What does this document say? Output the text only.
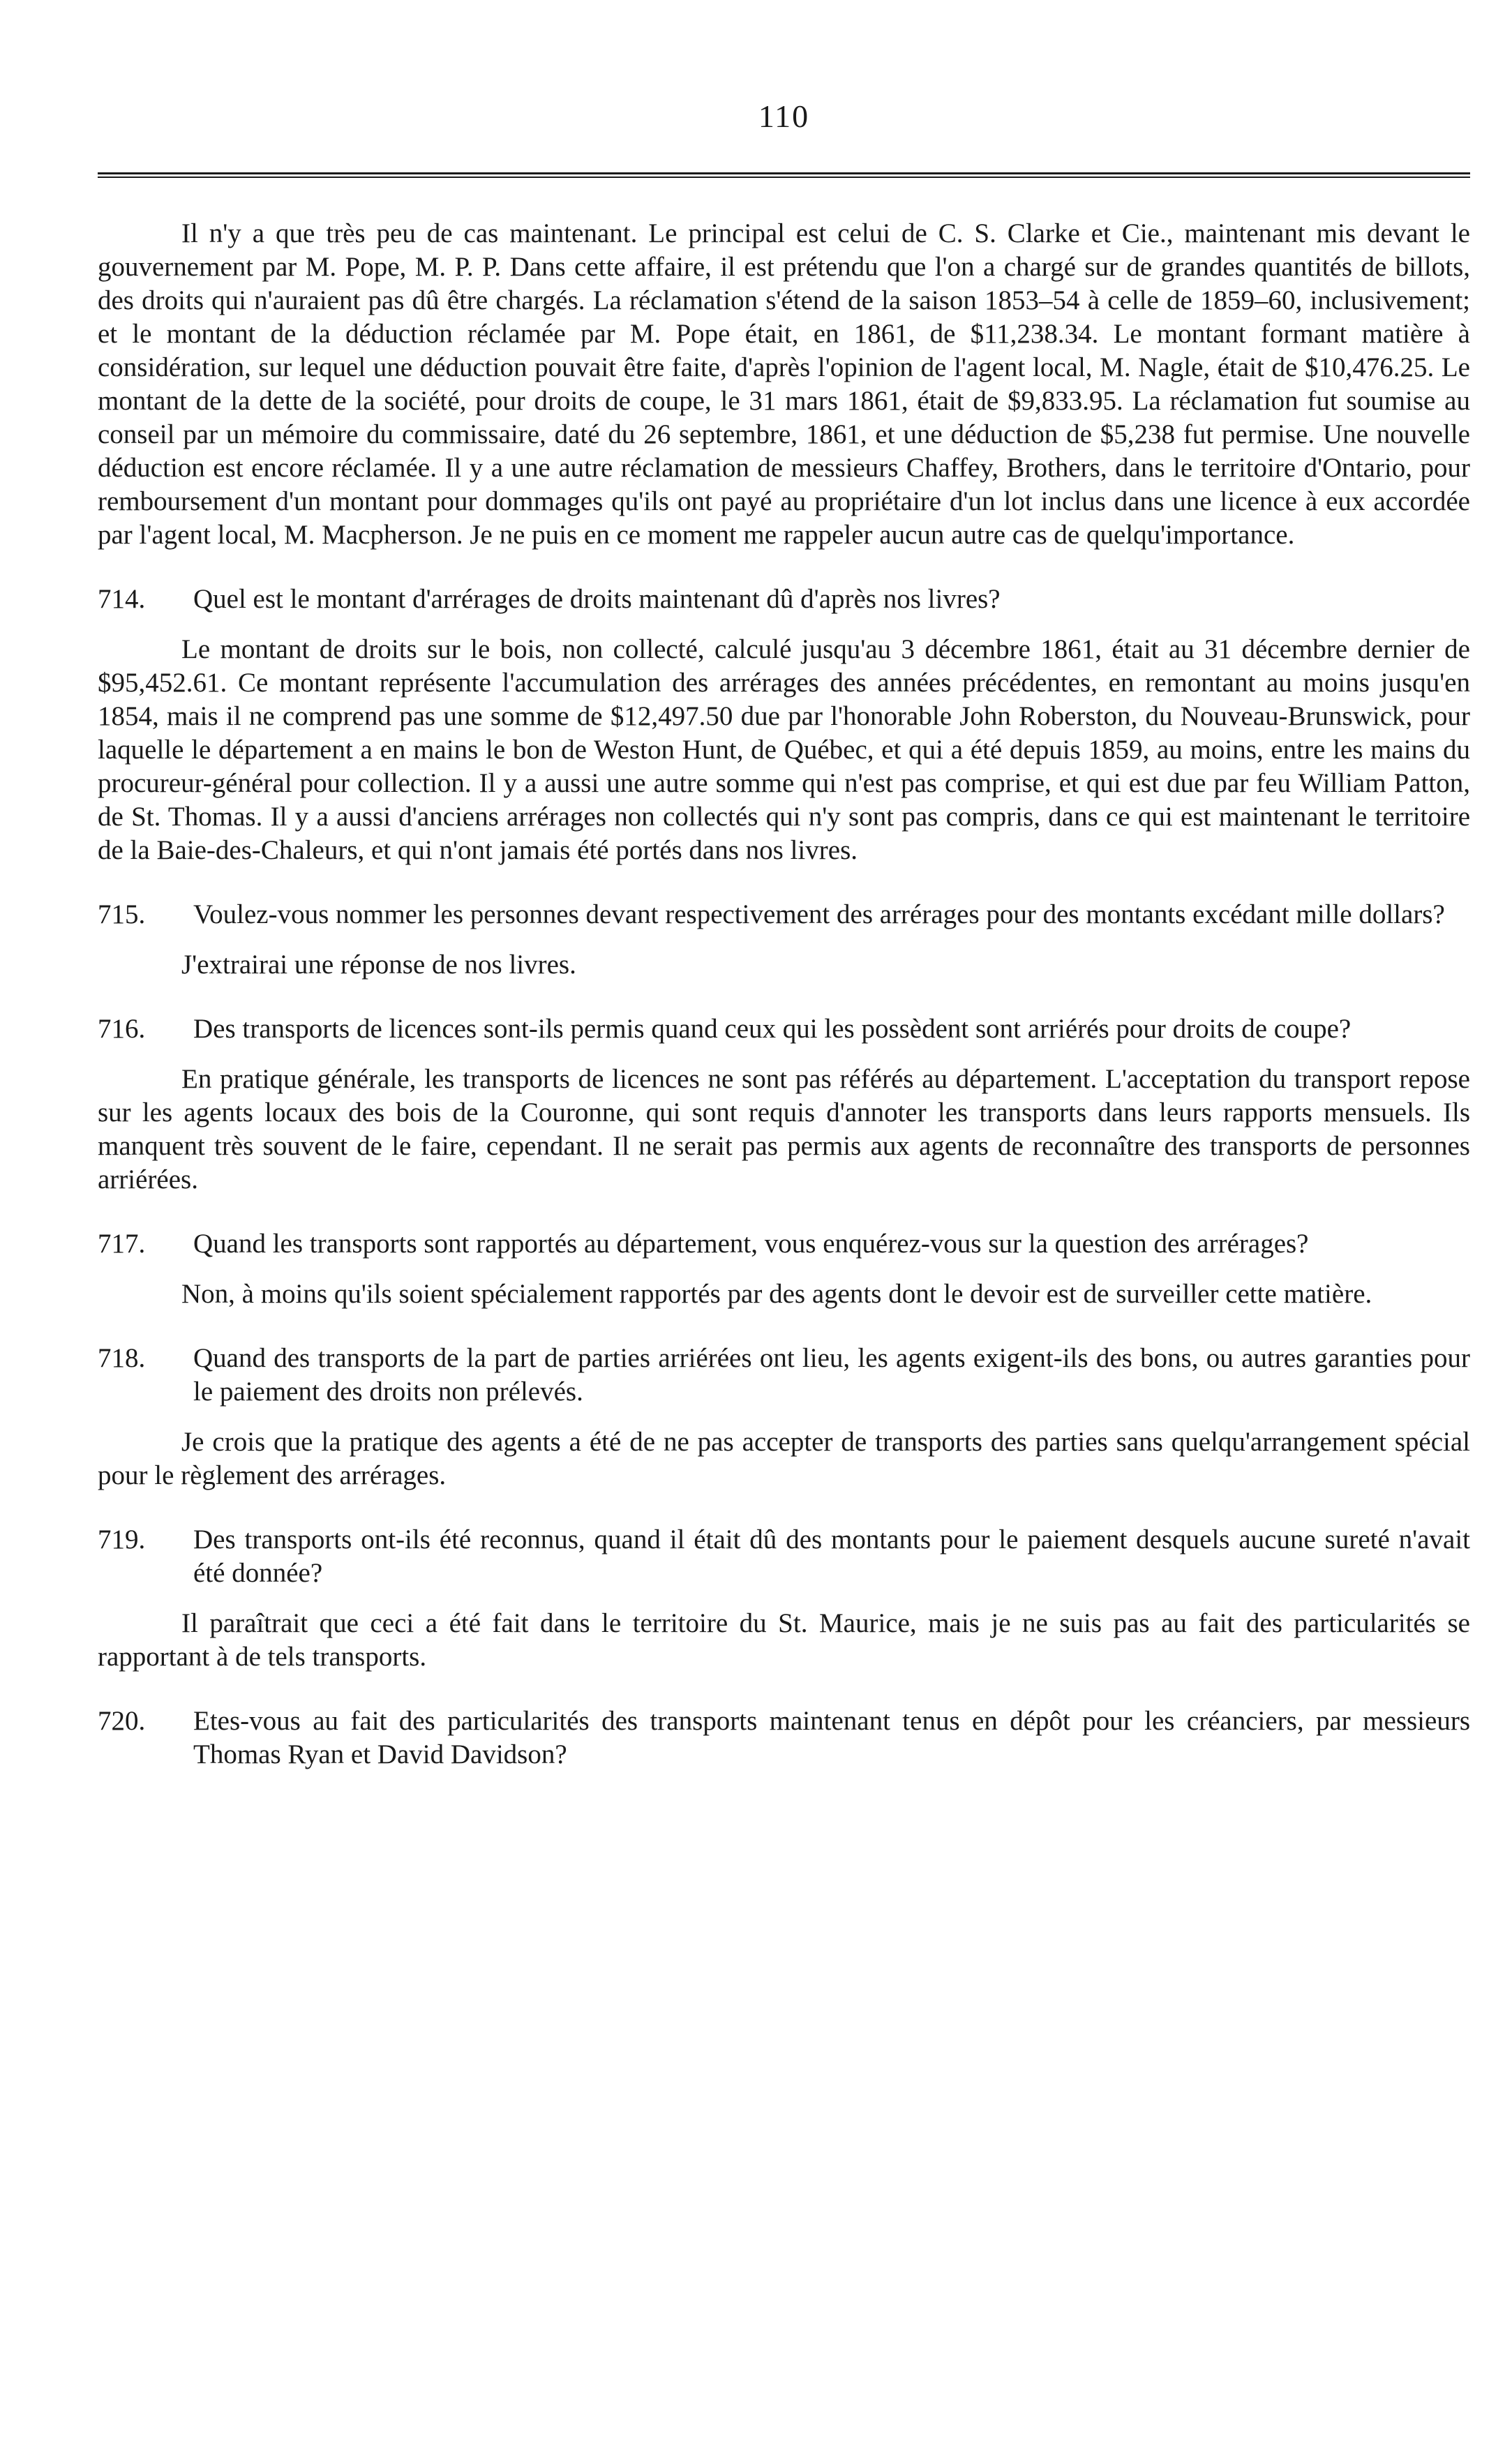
110

Il n'y a que très peu de cas maintenant. Le principal est celui de C. S. Clarke et Cie., maintenant mis devant le gouvernement par M. Pope, M. P. P. Dans cette affaire, il est prétendu que l'on a chargé sur de grandes quantités de billots, des droits qui n'auraient pas dû être chargés. La réclamation s'étend de la saison 1853–54 à celle de 1859–60, inclusivement; et le montant de la déduction réclamée par M. Pope était, en 1861, de $11,238.34. Le montant formant matière à considération, sur lequel une déduction pouvait être faite, d'après l'opinion de l'agent local, M. Nagle, était de $10,476.25. Le montant de la dette de la société, pour droits de coupe, le 31 mars 1861, était de $9,833.95. La réclamation fut soumise au conseil par un mémoire du commissaire, daté du 26 septembre, 1861, et une déduction de $5,238 fut permise. Une nouvelle déduction est encore réclamée. Il y a une autre réclamation de messieurs Chaffey, Brothers, dans le territoire d'Ontario, pour remboursement d'un montant pour dommages qu'ils ont payé au propriétaire d'un lot inclus dans une licence à eux accordée par l'agent local, M. Macpherson. Je ne puis en ce moment me rappeler aucun autre cas de quelqu'importance.

714. Quel est le montant d'arrérages de droits maintenant dû d'après nos livres?

Le montant de droits sur le bois, non collecté, calculé jusqu'au 3 décembre 1861, était au 31 décembre dernier de $95,452.61. Ce montant représente l'accumulation des arrérages des années précédentes, en remontant au moins jusqu'en 1854, mais il ne comprend pas une somme de $12,497.50 due par l'honorable John Roberston, du Nouveau-Brunswick, pour laquelle le département a en mains le bon de Weston Hunt, de Québec, et qui a été depuis 1859, au moins, entre les mains du procureur-général pour collection. Il y a aussi une autre somme qui n'est pas comprise, et qui est due par feu William Patton, de St. Thomas. Il y a aussi d'anciens arrérages non collectés qui n'y sont pas compris, dans ce qui est maintenant le territoire de la Baie-des-Chaleurs, et qui n'ont jamais été portés dans nos livres.

715. Voulez-vous nommer les personnes devant respectivement des arrérages pour des montants excédant mille dollars?

J'extrairai une réponse de nos livres.

716. Des transports de licences sont-ils permis quand ceux qui les possèdent sont arriérés pour droits de coupe?

En pratique générale, les transports de licences ne sont pas référés au département. L'acceptation du transport repose sur les agents locaux des bois de la Couronne, qui sont requis d'annoter les transports dans leurs rapports mensuels. Ils manquent très souvent de le faire, cependant. Il ne serait pas permis aux agents de reconnaître des transports de personnes arriérées.

717. Quand les transports sont rapportés au département, vous enquérez-vous sur la question des arrérages?

Non, à moins qu'ils soient spécialement rapportés par des agents dont le devoir est de surveiller cette matière.

718. Quand des transports de la part de parties arriérées ont lieu, les agents exigent-ils des bons, ou autres garanties pour le paiement des droits non prélevés.

Je crois que la pratique des agents a été de ne pas accepter de transports des parties sans quelqu'arrangement spécial pour le règlement des arrérages.

719. Des transports ont-ils été reconnus, quand il était dû des montants pour le paiement desquels aucune sureté n'avait été donnée?

Il paraîtrait que ceci a été fait dans le territoire du St. Maurice, mais je ne suis pas au fait des particularités se rapportant à de tels transports.

720. Etes-vous au fait des particularités des transports maintenant tenus en dépôt pour les créanciers, par messieurs Thomas Ryan et David Davidson?
